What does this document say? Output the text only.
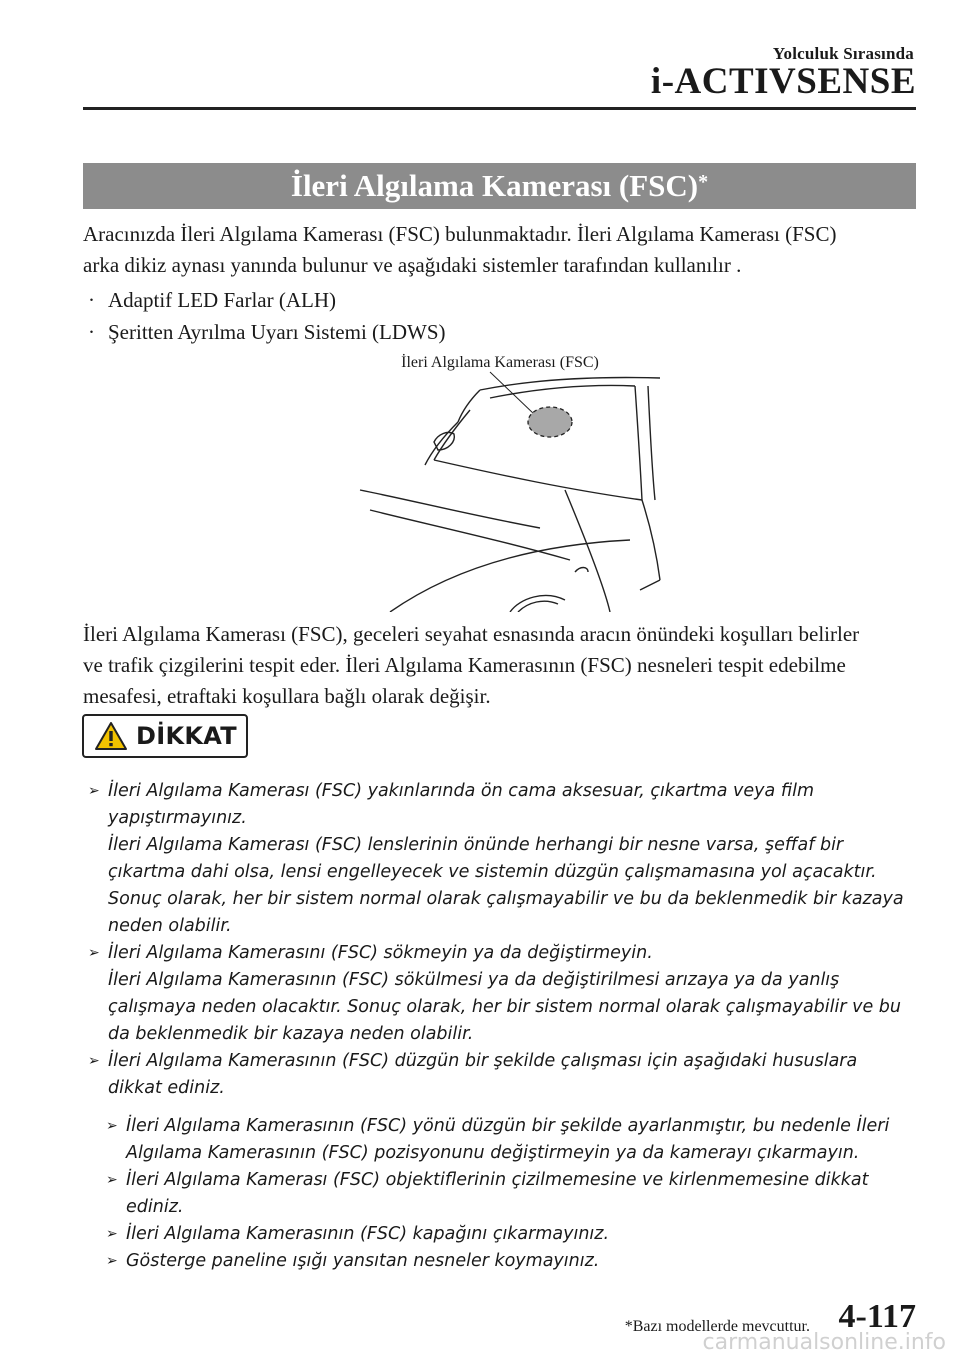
Yolculuk Sırasında
i-ACTIVSENSE
İleri Algılama Kamerası (FSC)*
Aracınızda İleri Algılama Kamerası (FSC) bulunmaktadır. İleri Algılama Kamerası (FSC)
arka dikiz aynası yanında bulunur ve aşağıdaki sistemler tarafından kullanılır .
· Adaptif LED Farlar (ALH)
· Şeritten Ayrılma Uyarı Sistemi (LDWS)
İleri Algılama Kamerası (FSC)
İleri Algılama Kamerası (FSC), geceleri seyahat esnasında aracın önündeki koşulları belirler
ve trafik çizgilerini tespit eder. İleri Algılama Kamerasının (FSC) nesneleri tespit edebilme
mesafesi, etraftaki koşullara bağlı olarak değişir.
DİKKAT
➢ İleri Algılama Kamerası (FSC) yakınlarında ön cama aksesuar, çıkartma veya film
yapıştırmayınız.
İleri Algılama Kamerası (FSC) lenslerinin önünde herhangi bir nesne varsa, şeffaf bir
çıkartma dahi olsa, lensi engelleyecek ve sistemin düzgün çalışmamasına yol açacaktır.
Sonuç olarak, her bir sistem normal olarak çalışmayabilir ve bu da beklenmedik bir kazaya
neden olabilir.
➢ İleri Algılama Kamerasını (FSC) sökmeyin ya da değiştirmeyin.
İleri Algılama Kamerasının (FSC) sökülmesi ya da değiştirilmesi arızaya ya da yanlış
çalışmaya neden olacaktır. Sonuç olarak, her bir sistem normal olarak çalışmayabilir ve bu
da beklenmedik bir kazaya neden olabilir.
➢ İleri Algılama Kamerasının (FSC) düzgün bir şekilde çalışması için aşağıdaki hususlara
dikkat ediniz.
➢ İleri Algılama Kamerasının (FSC) yönü düzgün bir şekilde ayarlanmıştır, bu nedenle İleri
Algılama Kamerasının (FSC) pozisyonunu değiştirmeyin ya da kamerayı çıkarmayın.
➢ İleri Algılama Kamerası (FSC) objektiflerinin çizilmemesine ve kirlenmemesine dikkat
ediniz.
➢ İleri Algılama Kamerasının (FSC) kapağını çıkarmayınız.
➢ Gösterge paneline ışığı yansıtan nesneler koymayınız.
*Bazı modellerde mevcuttur. 4-117
carmanualsonline.info
